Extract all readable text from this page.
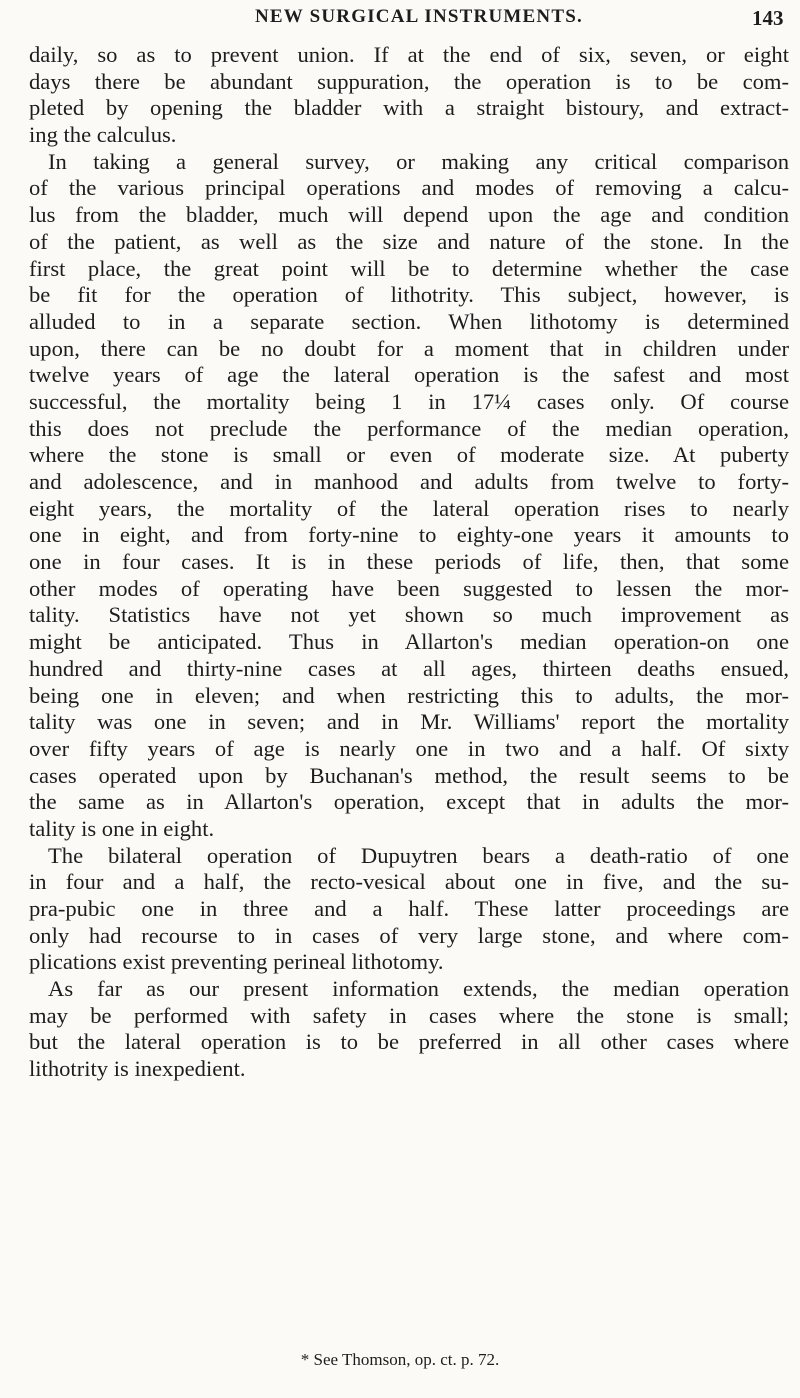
NEW SURGICAL INSTRUMENTS.	143
daily, so as to prevent union. If at the end of six, seven, or eight
days there be abundant suppuration, the operation is to be com-
pleted by opening the bladder with a straight bistoury, and extract-
ing the calculus.
In taking a general survey, or making any critical comparison
of the various principal operations and modes of removing a calcu-
lus from the bladder, much will depend upon the age and condition
of the patient, as well as the size and nature of the stone. In the
first place, the great point will be to determine whether the case
be fit for the operation of lithotrity. This subject, however, is
alluded to in a separate section. When lithotomy is determined
upon, there can be no doubt for a moment that in children under
twelve years of age the lateral operation is the safest and most
successful, the mortality being 1 in 17¼ cases only. Of course
this does not preclude the performance of the median operation,
where the stone is small or even of moderate size. At puberty
and adolescence, and in manhood and adults from twelve to forty-
eight years, the mortality of the lateral operation rises to nearly
one in eight, and from forty-nine to eighty-one years it amounts to
one in four cases. It is in these periods of life, then, that some
other modes of operating have been suggested to lessen the mor-
tality. Statistics have not yet shown so much improvement as
might be anticipated. Thus in Allarton's median operation-on one
hundred and thirty-nine cases at all ages, thirteen deaths ensued,
being one in eleven; and when restricting this to adults, the mor-
tality was one in seven; and in Mr. Williams' report the mortality
over fifty years of age is nearly one in two and a half. Of sixty
cases operated upon by Buchanan's method, the result seems to be
the same as in Allarton's operation, except that in adults the mor-
tality is one in eight.
The bilateral operation of Dupuytren bears a death-ratio of one
in four and a half, the recto-vesical about one in five, and the su-
pra-pubic one in three and a half. These latter proceedings are
only had recourse to in cases of very large stone, and where com-
plications exist preventing perineal lithotomy.
As far as our present information extends, the median operation
may be performed with safety in cases where the stone is small;
but the lateral operation is to be preferred in all other cases where
lithotrity is inexpedient.
* See Thomson, op. ct. p. 72.
